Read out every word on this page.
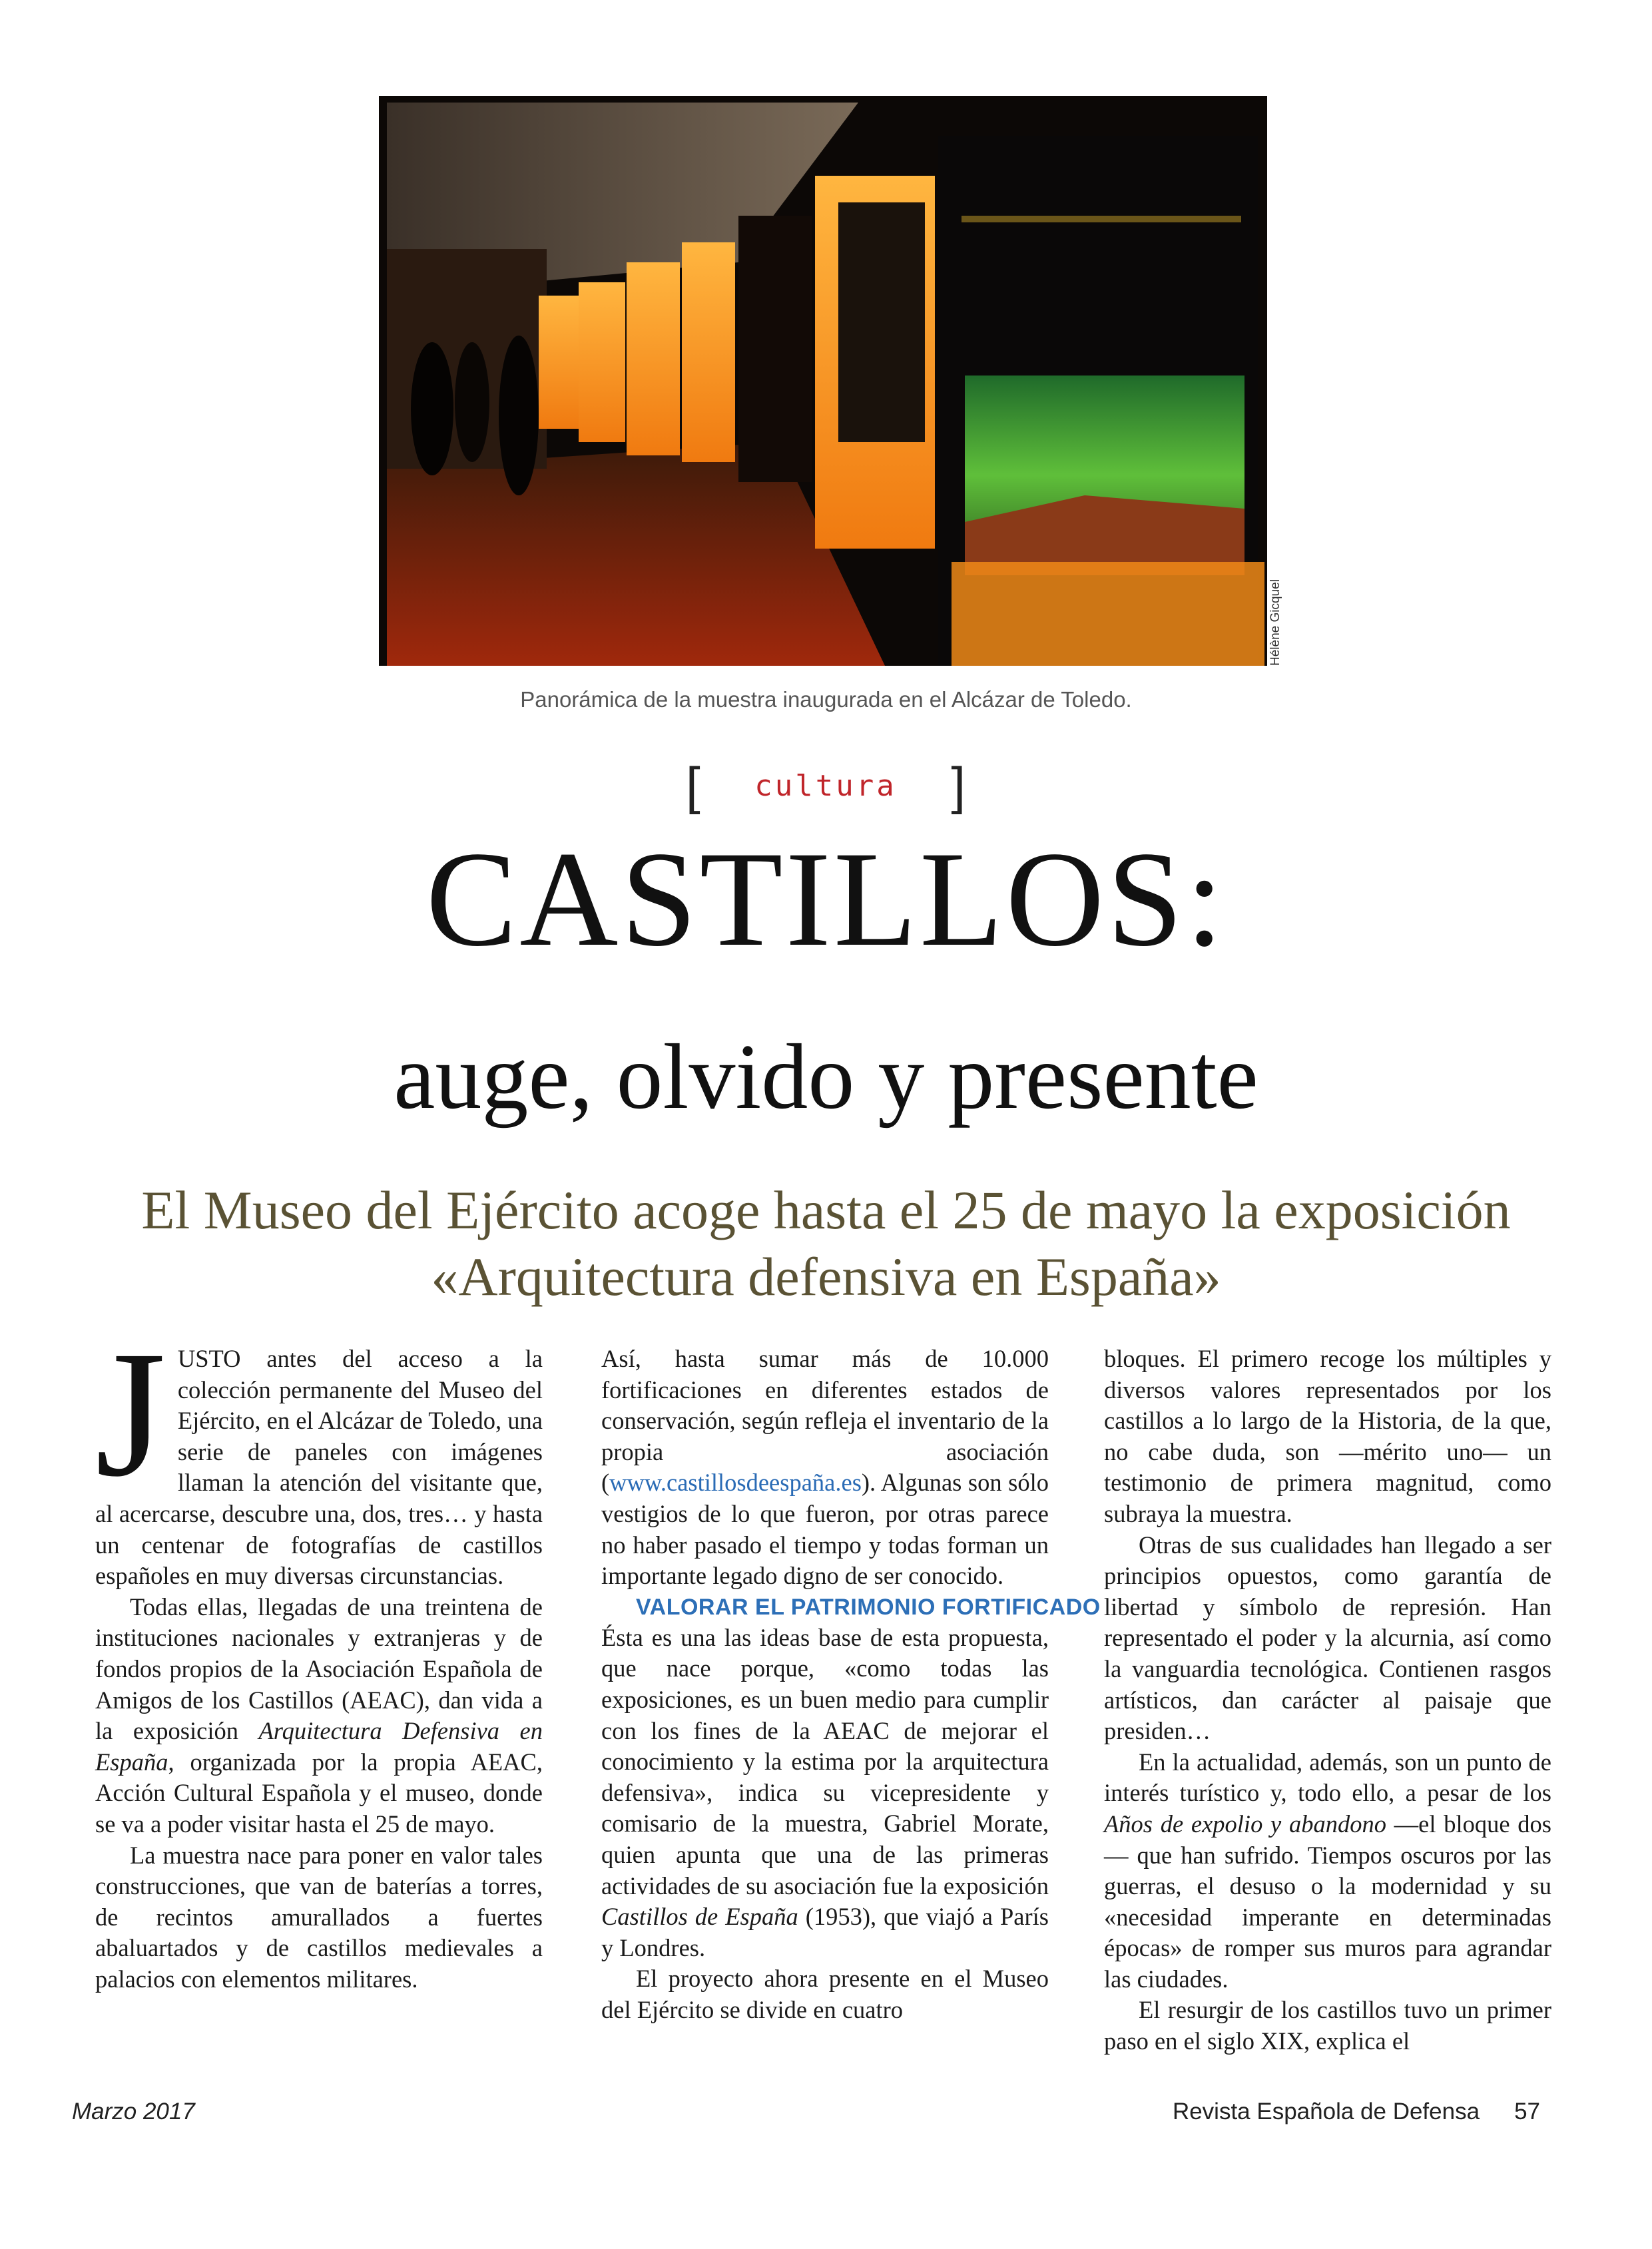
Hélène Gicquel
Panorámica de la muestra inaugurada en el Alcázar de Toledo.
[ cultura ]
CASTILLOS:
auge, olvido y presente
El Museo del Ejército acoge hasta el 25 de mayo la exposición «Arquitectura defensiva en España»

JUSTO antes del acceso a la colección permanente del Museo del Ejército, en el Alcázar de Toledo, una serie de paneles con imágenes llaman la atención del visitante que, al acercarse, descubre una, dos, tres… y hasta un centenar de fotografías de castillos españoles en muy diversas circunstancias.

Todas ellas, llegadas de una treintena de instituciones nacionales y extranjeras y de fondos propios de la Asociación Española de Amigos de los Castillos (AEAC), dan vida a la exposición Arquitectura Defensiva en España, organizada por la propia AEAC, Acción Cultural Española y el museo, donde se va a poder visitar hasta el 25 de mayo.

La muestra nace para poner en valor tales construcciones, que van de baterías a torres, de recintos amurallados a fuertes abaluartados y de castillos medievales a palacios con elementos militares.

Así, hasta sumar más de 10.000 fortificaciones en diferentes estados de conservación, según refleja el inventario de la propia asociación (www.castillosdeespaña.es). Algunas son sólo vestigios de lo que fueron, por otras parece no haber pasado el tiempo y todas forman un importante legado digno de ser conocido.

VALORAR EL PATRIMONIO FORTIFICADO

Ésta es una las ideas base de esta propuesta, que nace porque, «como todas las exposiciones, es un buen medio para cumplir con los fines de la AEAC de mejorar el conocimiento y la estima por la arquitectura defensiva», indica su vicepresidente y comisario de la muestra, Gabriel Morate, quien apunta que una de las primeras actividades de su asociación fue la exposición Castillos de España (1953), que viajó a París y Londres.

El proyecto ahora presente en el Museo del Ejército se divide en cuatro

bloques. El primero recoge los múltiples y diversos valores representados por los castillos a lo largo de la Historia, de la que, no cabe duda, son —mérito uno— un testimonio de primera magnitud, como subraya la muestra.

Otras de sus cualidades han llegado a ser principios opuestos, como garantía de libertad y símbolo de represión. Han representado el poder y la alcurnia, así como la vanguardia tecnológica. Contienen rasgos artísticos, dan carácter al paisaje que presiden…

En la actualidad, además, son un punto de interés turístico y, todo ello, a pesar de los Años de expolio y abandono —el bloque dos— que han sufrido. Tiempos oscuros por las guerras, el desuso o la modernidad y su «necesidad imperante en determinadas épocas» de romper sus muros para agrandar las ciudades.

El resurgir de los castillos tuvo un primer paso en el siglo XIX, explica el

Marzo 2017	Revista Española de Defensa 57
